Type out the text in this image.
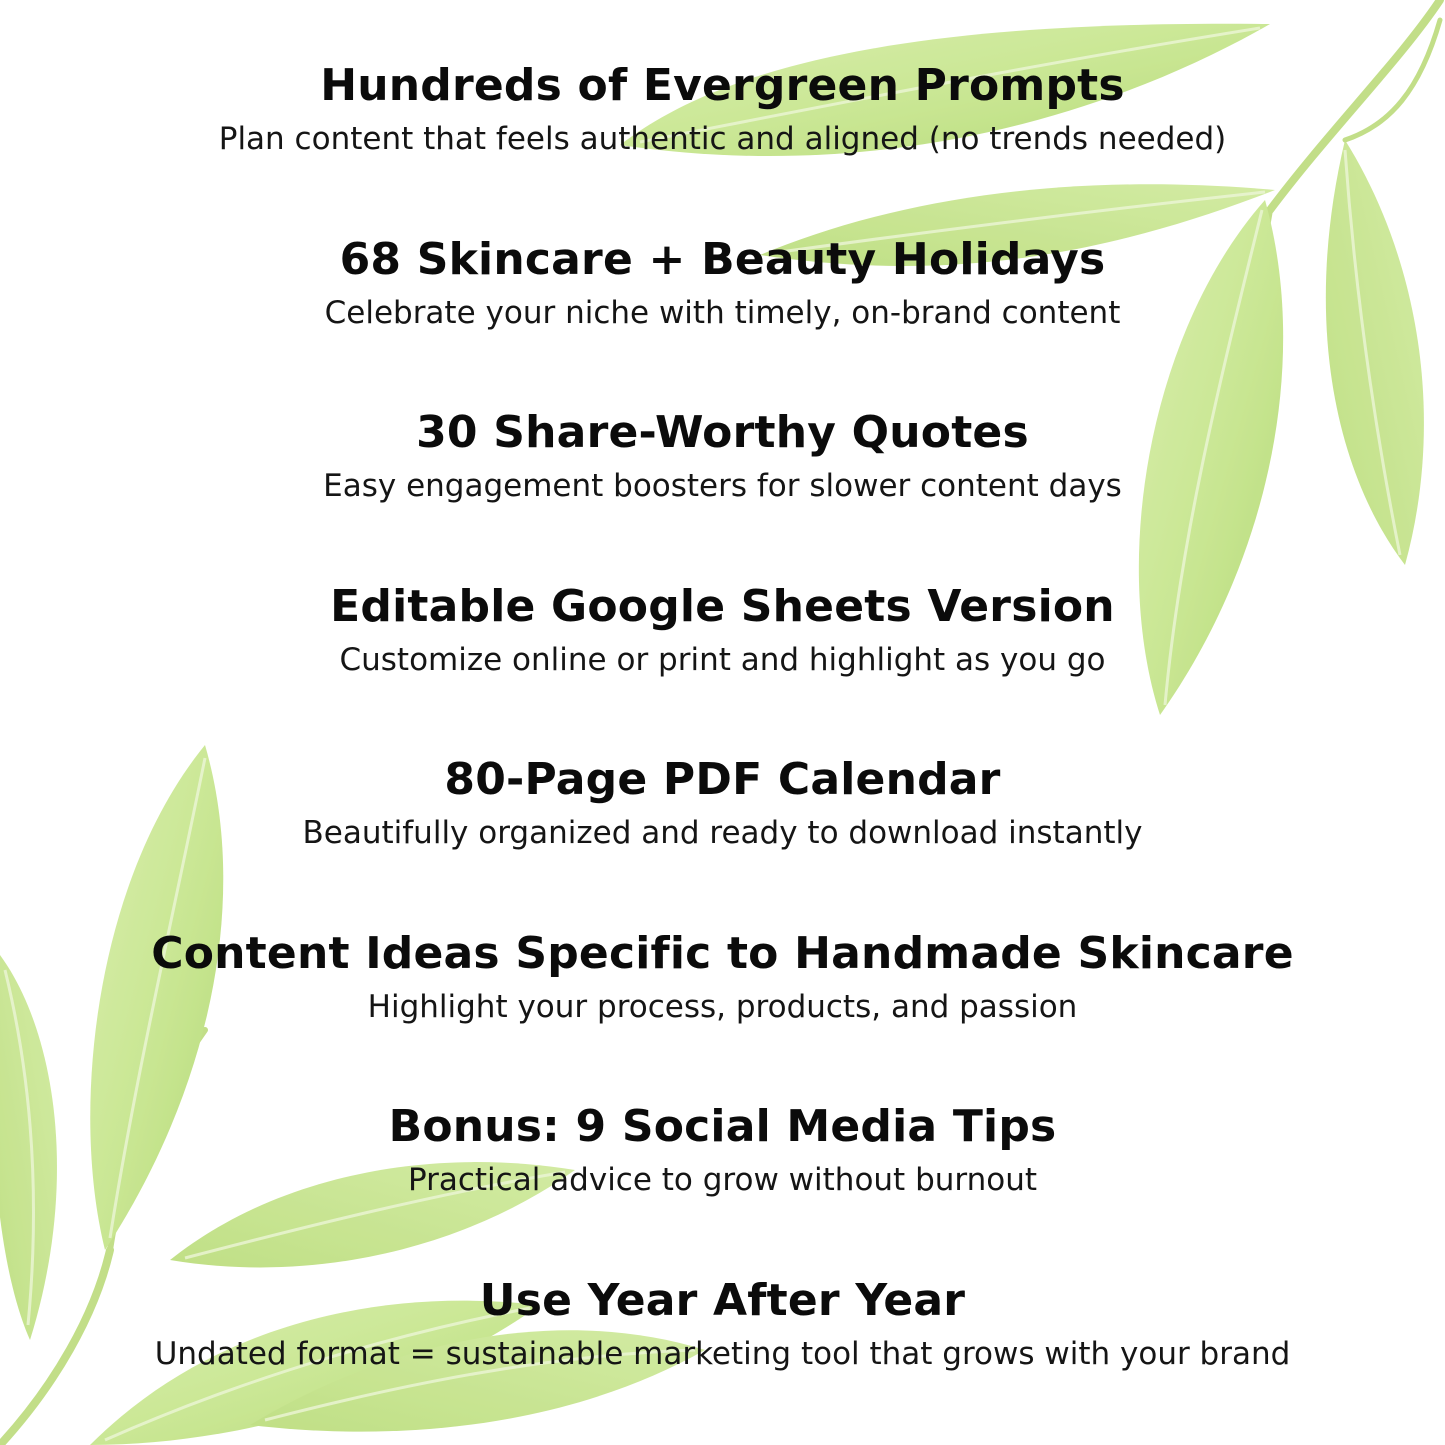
Hundreds of Evergreen Prompts

Plan content that feels authentic and aligned (no trends needed)

68 Skincare + Beauty Holidays

Celebrate your niche with timely, on-brand content

30 Share-Worthy Quotes

Easy engagement boosters for slower content days

Editable Google Sheets Version

Customize online or print and highlight as you go

80-Page PDF Calendar

Beautifully organized and ready to download instantly

Content Ideas Specific to Handmade Skincare

Highlight your process, products, and passion

Bonus: 9 Social Media Tips

Practical advice to grow without burnout

Use Year After Year

Undated format = sustainable marketing tool that grows with your brand
